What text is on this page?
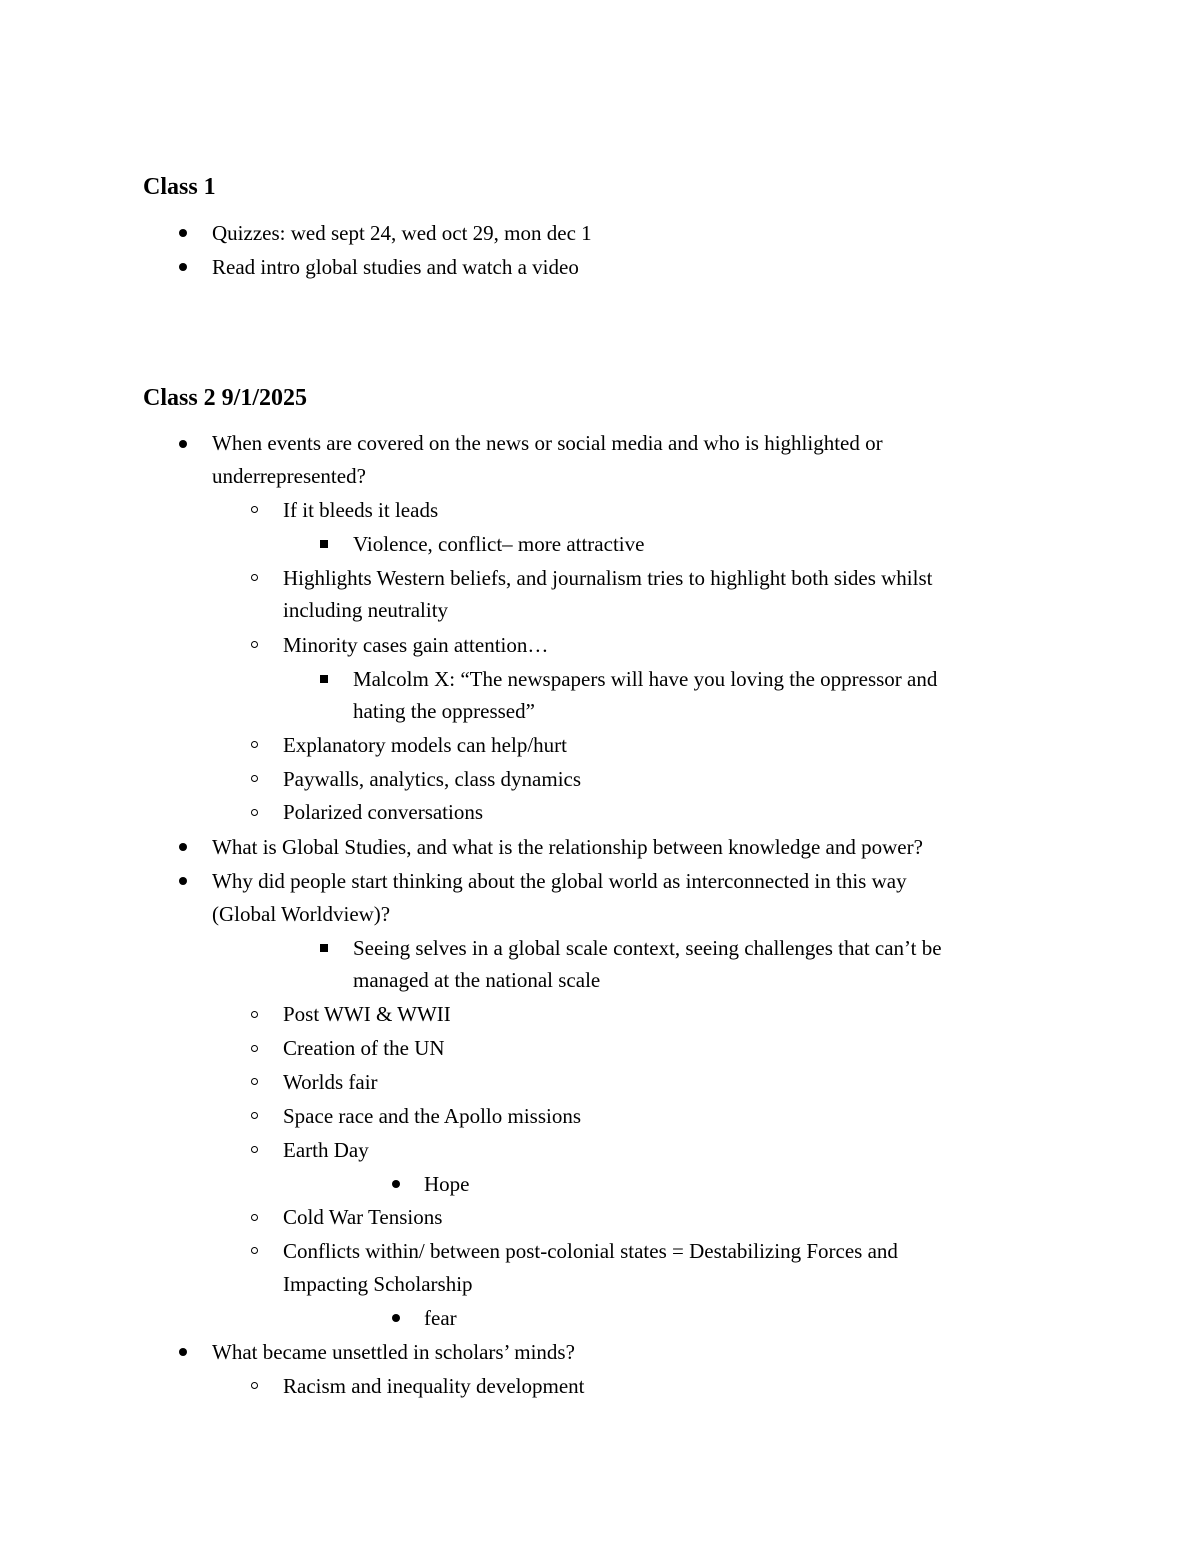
Class 1
Quizzes: wed sept 24, wed oct 29, mon dec 1
Read intro global studies and watch a video
Class 2 9/1/2025
When events are covered on the news or social media and who is highlighted or
underrepresented?
If it bleeds it leads
Violence, conflict– more attractive
Highlights Western beliefs, and journalism tries to highlight both sides whilst
including neutrality
Minority cases gain attention…
Malcolm X: “The newspapers will have you loving the oppressor and
hating the oppressed”
Explanatory models can help/hurt
Paywalls, analytics, class dynamics
Polarized conversations
What is Global Studies, and what is the relationship between knowledge and power?
Why did people start thinking about the global world as interconnected in this way
(Global Worldview)?
Seeing selves in a global scale context, seeing challenges that can’t be
managed at the national scale
Post WWI & WWII
Creation of the UN
Worlds fair
Space race and the Apollo missions
Earth Day
Hope
Cold War Tensions
Conflicts within/ between post-colonial states = Destabilizing Forces and
Impacting Scholarship
fear
What became unsettled in scholars’ minds?
Racism and inequality development
